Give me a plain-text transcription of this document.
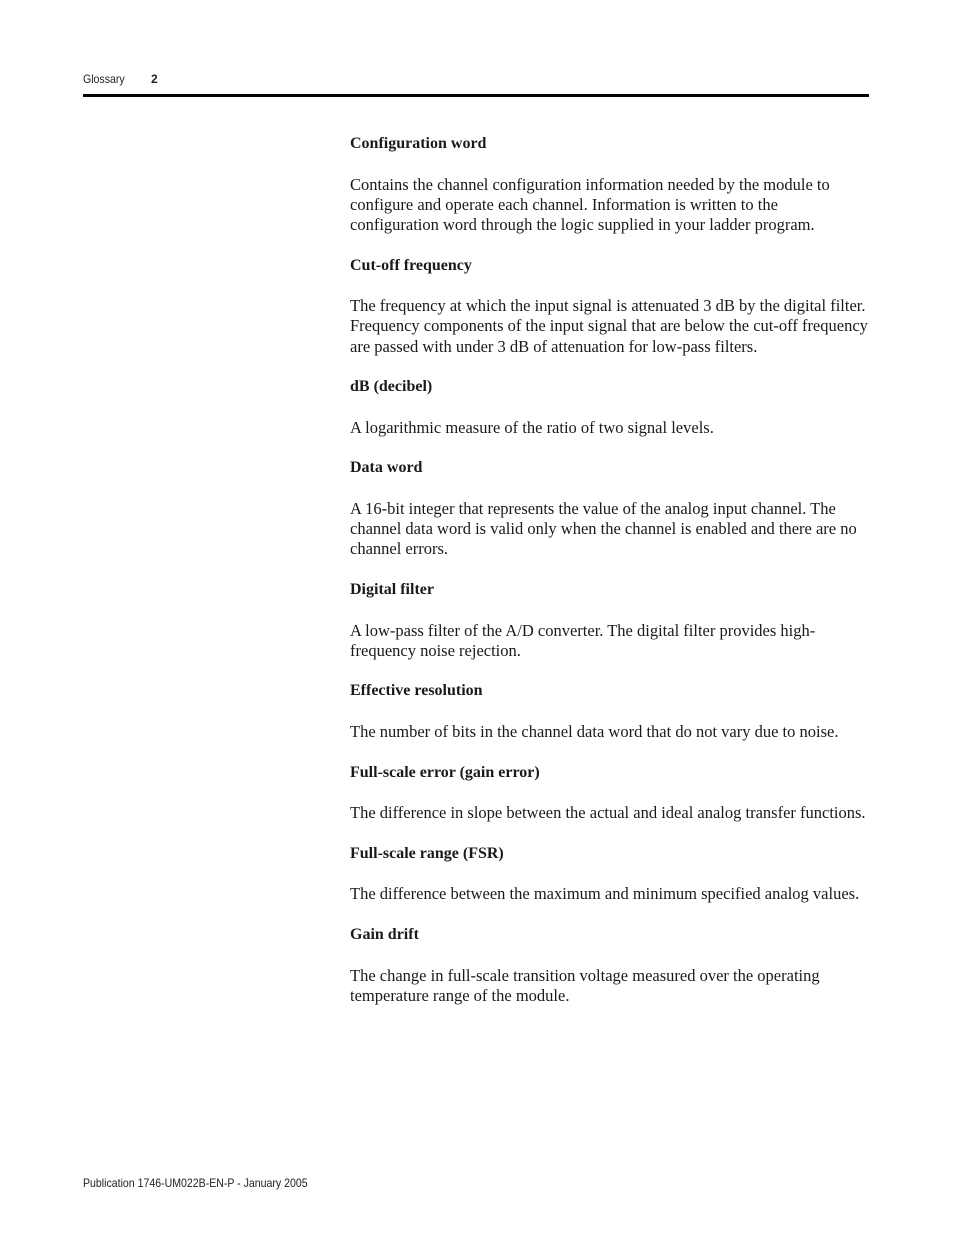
Glossary 2

Configuration word

Contains the channel configuration information needed by the module to configure and operate each channel. Information is written to the configuration word through the logic supplied in your ladder program.

Cut-off frequency

The frequency at which the input signal is attenuated 3 dB by the digital filter. Frequency components of the input signal that are below the cut-off frequency are passed with under 3 dB of attenuation for low-pass filters.

dB (decibel)

A logarithmic measure of the ratio of two signal levels.

Data word

A 16-bit integer that represents the value of the analog input channel. The channel data word is valid only when the channel is enabled and there are no channel errors.

Digital filter

A low-pass filter of the A/D converter. The digital filter provides high-frequency noise rejection.

Effective resolution

The number of bits in the channel data word that do not vary due to noise.

Full-scale error (gain error)

The difference in slope between the actual and ideal analog transfer functions.

Full-scale range (FSR)

The difference between the maximum and minimum specified analog values.

Gain drift

The change in full-scale transition voltage measured over the operating temperature range of the module.

Publication 1746-UM022B-EN-P - January 2005
